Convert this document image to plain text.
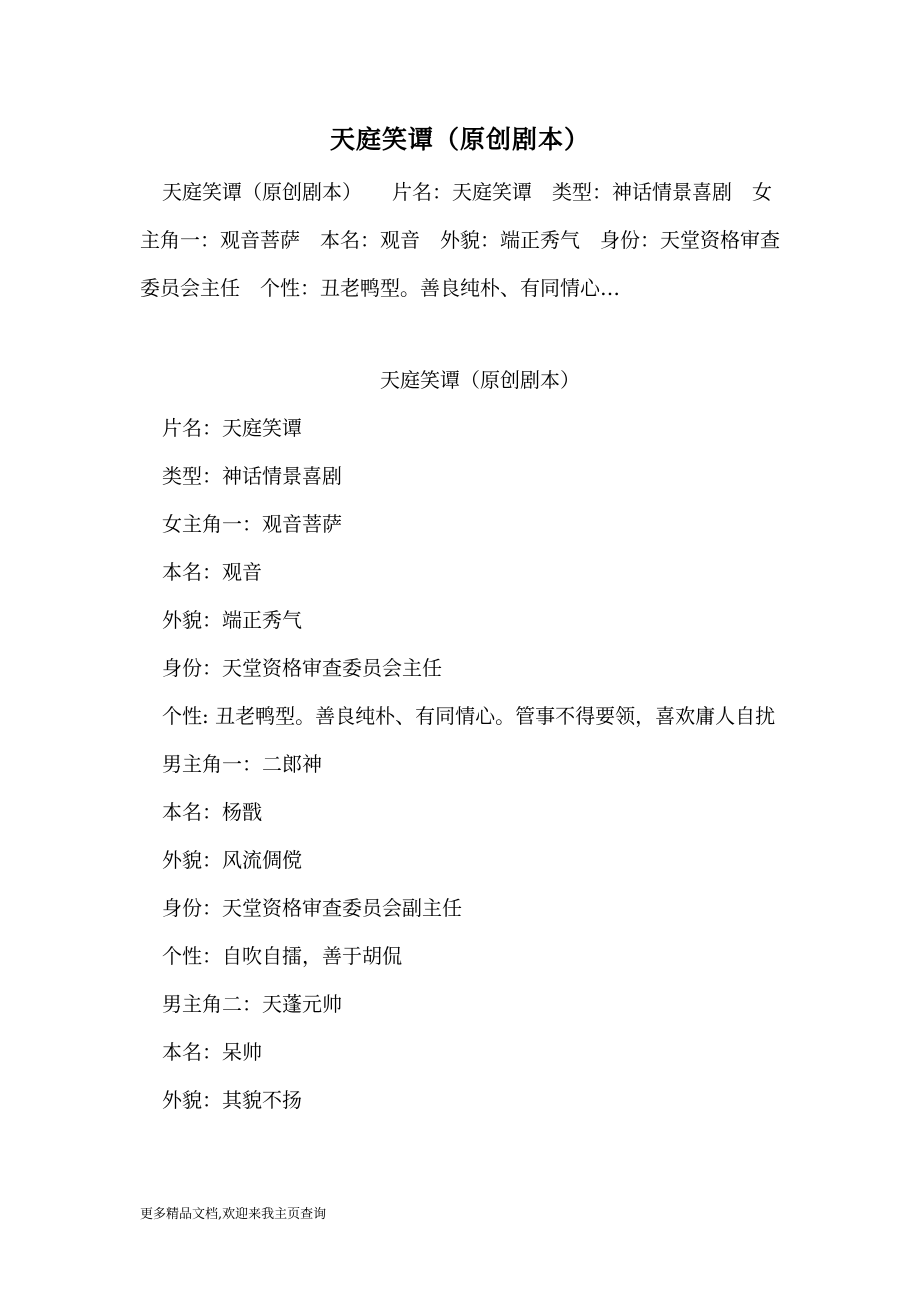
天庭笑谭（原创剧本）

天庭笑谭（原创剧本）　　片名：天庭笑谭　类型：神话情景喜剧　女主角一：观音菩萨　本名：观音　外貌：端正秀气　身份：天堂资格审查委员会主任　个性：丑老鸭型。善良纯朴、有同情心…

天庭笑谭（原创剧本）

片名：天庭笑谭

类型：神话情景喜剧

女主角一：观音菩萨

本名：观音

外貌：端正秀气

身份：天堂资格审查委员会主任

个性: 丑老鸭型。善良纯朴、有同情心。管事不得要领，喜欢庸人自扰

男主角一：二郎神

本名：杨戬

外貌：风流倜傥

身份：天堂资格审查委员会副主任

个性：自吹自擂，善于胡侃

男主角二：天蓬元帅

本名：呆帅

外貌：其貌不扬

更多精品文档,欢迎来我主页查询
